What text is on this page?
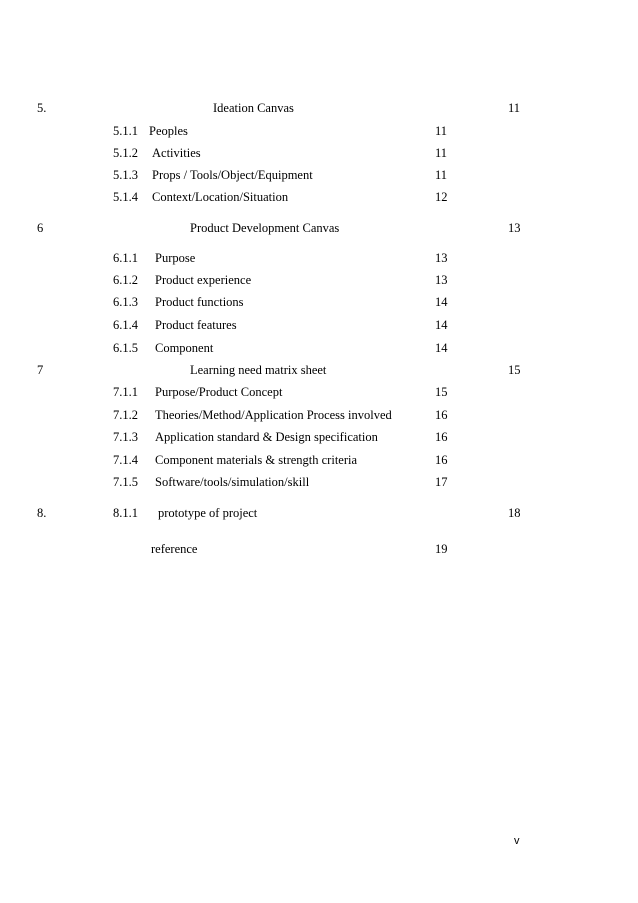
5.	Ideation Canvas	11
5.1.1 Peoples	11
5.1.2 Activities	11
5.1.3 Props / Tools/Object/Equipment	11
5.1.4 Context/Location/Situation	12
6	Product Development Canvas	13
6.1.1 Purpose	13
6.1.2 Product experience	13
6.1.3 Product functions	14
6.1.4 Product features	14
6.1.5 Component	14
7	Learning need matrix sheet	15
7.1.1 Purpose/Product Concept	15
7.1.2 Theories/Method/Application Process involved	16
7.1.3 Application standard & Design specification	16
7.1.4 Component materials & strength criteria	16
7.1.5 Software/tools/simulation/skill	17
8.	8.1.1 prototype of project	18
reference	19
v
